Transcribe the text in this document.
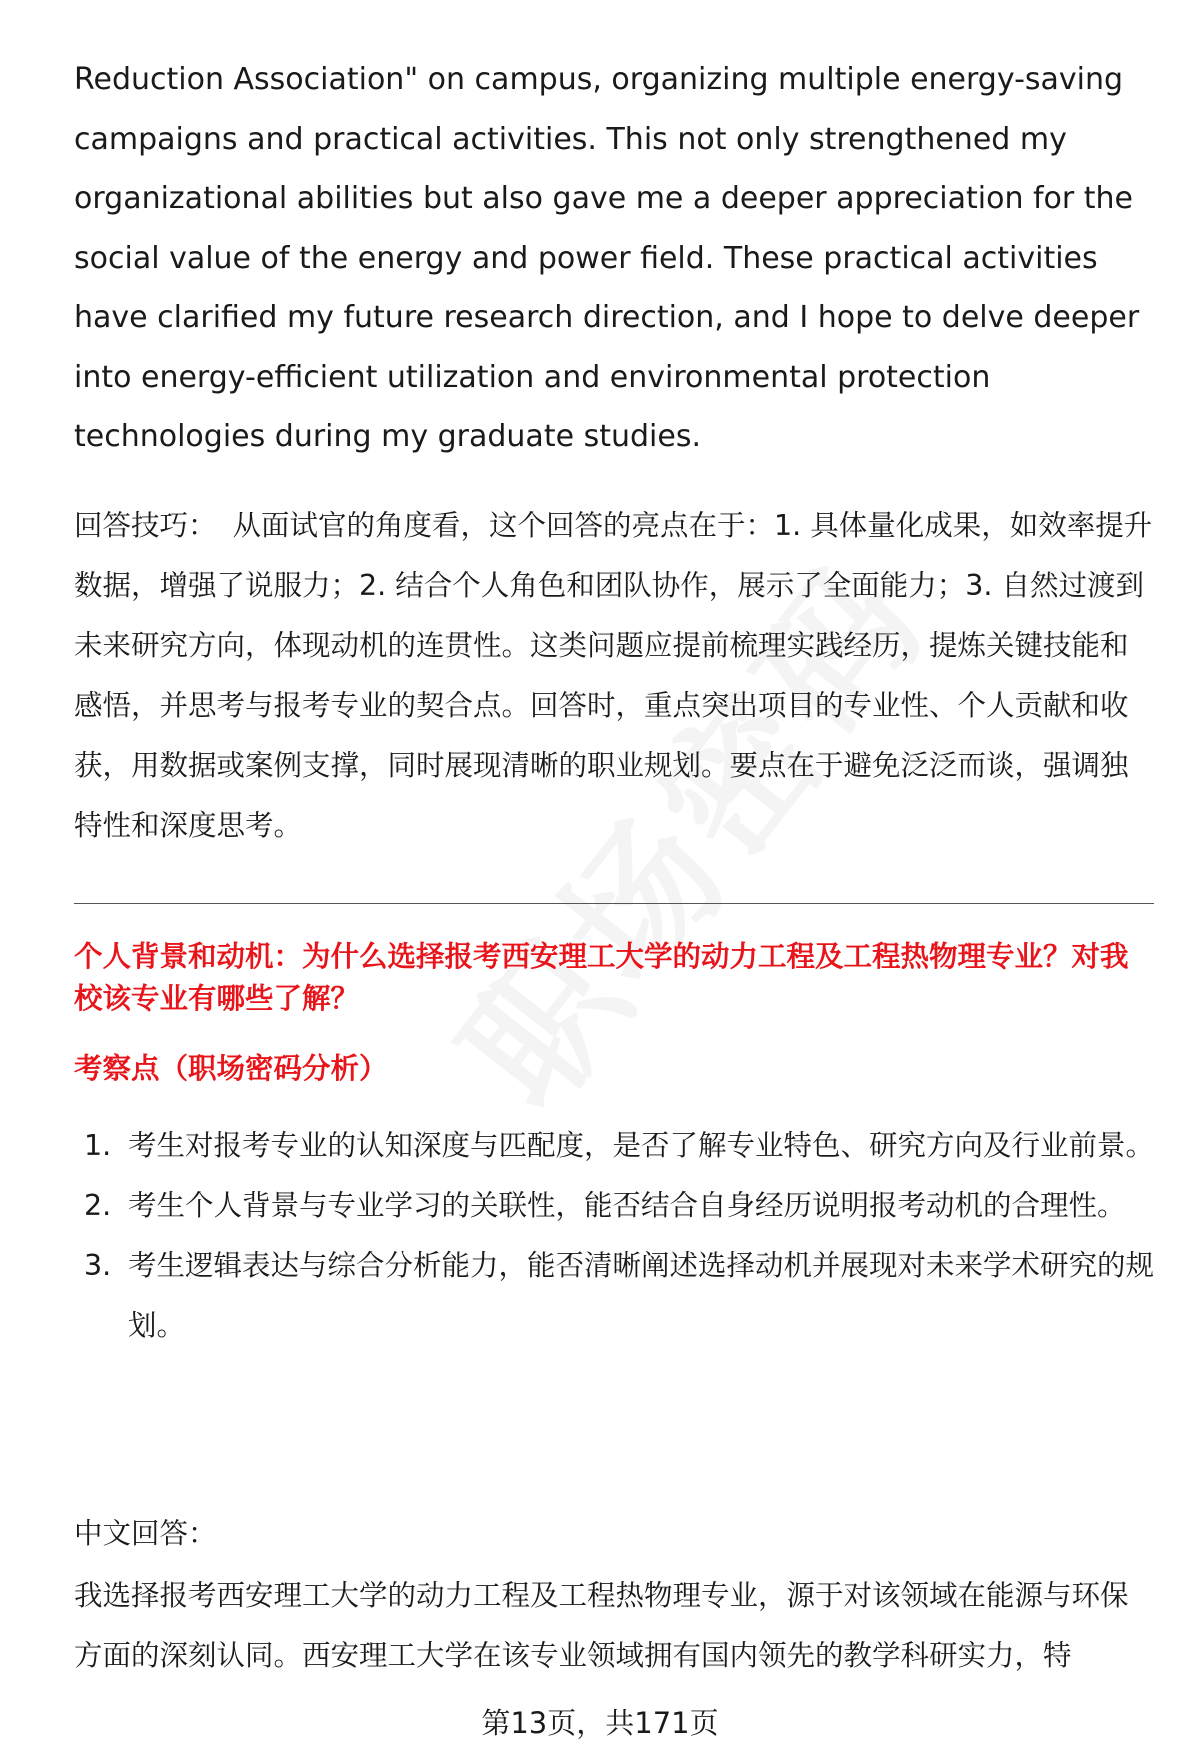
Reduction Association" on campus, organizing multiple energy-saving campaigns and practical activities. This not only strengthened my organizational abilities but also gave me a deeper appreciation for the social value of the energy and power field. These practical activities have clarified my future research direction, and I hope to delve deeper into energy-efficient utilization and environmental protection technologies during my graduate studies.

回答技巧： 从面试官的角度看，这个回答的亮点在于：1. 具体量化成果，如效率提升数据，增强了说服力；2. 结合个人角色和团队协作，展示了全面能力；3. 自然过渡到未来研究方向，体现动机的连贯性。这类问题应提前梳理实践经历，提炼关键技能和感悟，并思考与报考专业的契合点。回答时，重点突出项目的专业性、个人贡献和收获，用数据或案例支撑，同时展现清晰的职业规划。要点在于避免泛泛而谈，强调独特性和深度思考。

个人背景和动机：为什么选择报考西安理工大学的动力工程及工程热物理专业？对我校该专业有哪些了解？

考察点（职场密码分析）

1. 考生对报考专业的认知深度与匹配度，是否了解专业特色、研究方向及行业前景。
2. 考生个人背景与专业学习的关联性，能否结合自身经历说明报考动机的合理性。
3. 考生逻辑表达与综合分析能力，能否清晰阐述选择动机并展现对未来学术研究的规划。

中文回答：

我选择报考西安理工大学的动力工程及工程热物理专业，源于对该领域在能源与环保方面的深刻认同。西安理工大学在该专业领域拥有国内领先的教学科研实力，特

第13页，共171页
